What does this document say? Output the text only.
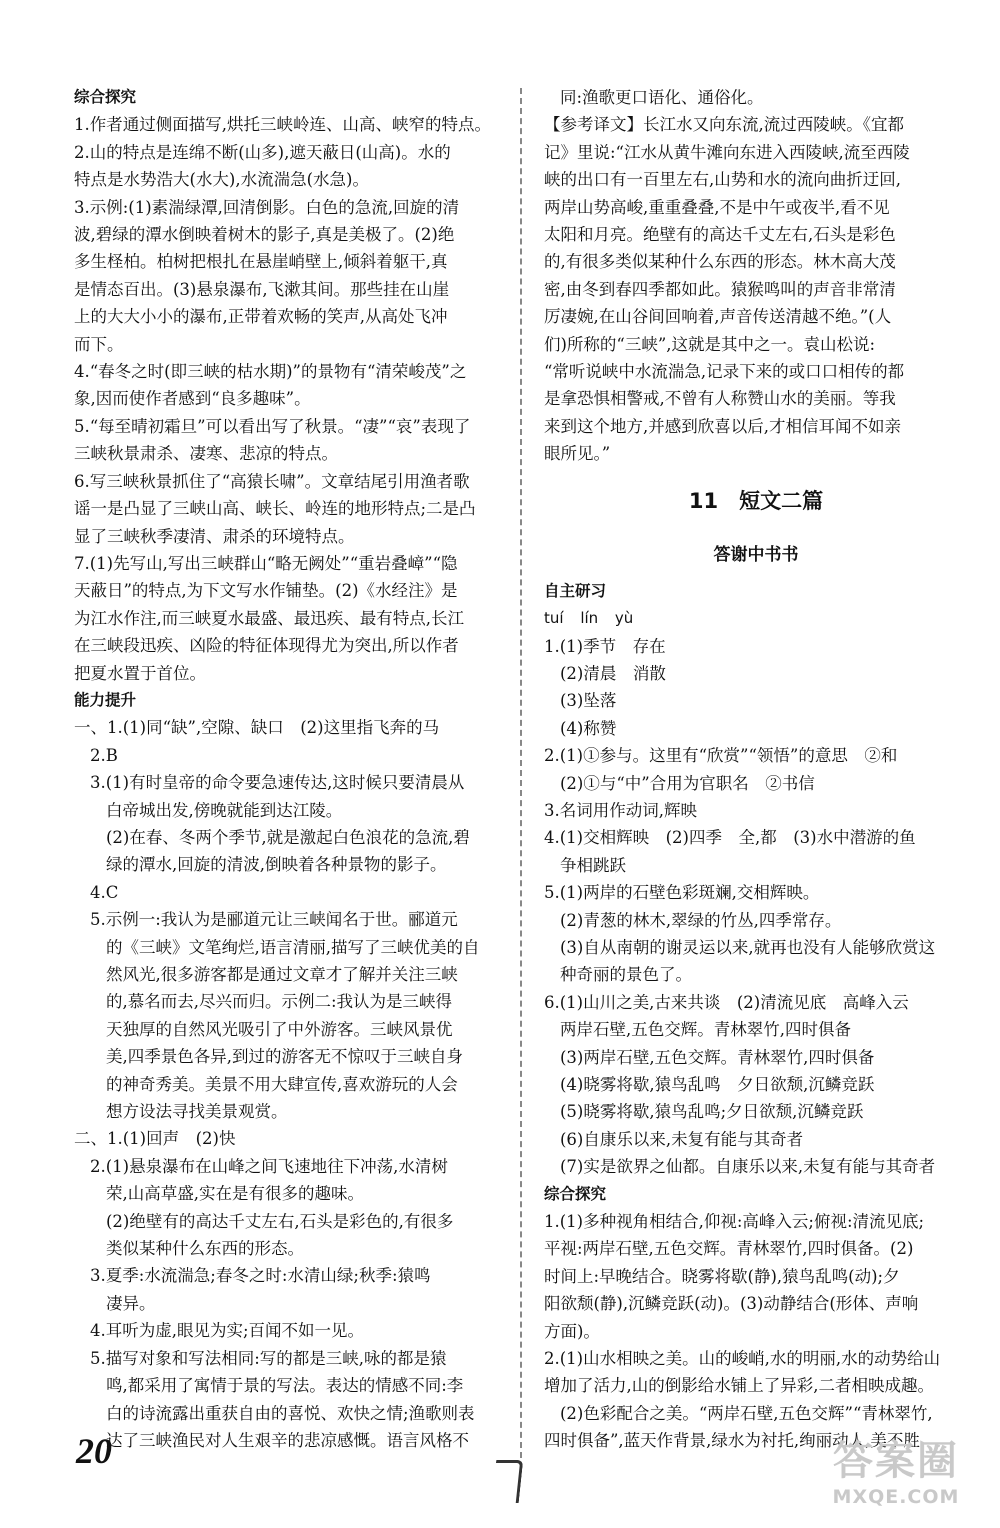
综合探究
1.作者通过侧面描写,烘托三峡岭连、山高、峡窄的特点。
2.山的特点是连绵不断(山多),遮天蔽日(山高)。水的
特点是水势浩大(水大),水流湍急(水急)。
3.示例:(1)素湍绿潭,回清倒影。白色的急流,回旋的清
波,碧绿的潭水倒映着树木的影子,真是美极了。(2)绝
多生柽柏。柏树把根扎在悬崖峭壁上,倾斜着躯干,真
是情态百出。(3)悬泉瀑布,飞漱其间。那些挂在山崖
上的大大小小的瀑布,正带着欢畅的笑声,从高处飞冲
而下。
4.“春冬之时(即三峡的枯水期)”的景物有“清荣峻茂”之
象,因而使作者感到“良多趣味”。
5.“每至晴初霜旦”可以看出写了秋景。“凄”“哀”表现了
三峡秋景肃杀、凄寒、悲凉的特点。
6.写三峡秋景抓住了“高猿长啸”。文章结尾引用渔者歌
谣一是凸显了三峡山高、峡长、岭连的地形特点;二是凸
显了三峡秋季凄清、肃杀的环境特点。
7.(1)先写山,写出三峡群山“略无阙处”“重岩叠嶂”“隐
天蔽日”的特点,为下文写水作铺垫。(2)《水经注》是
为江水作注,而三峡夏水最盛、最迅疾、最有特点,长江
在三峡段迅疾、凶险的特征体现得尤为突出,所以作者
把夏水置于首位。
能力提升
一、1.(1)同“缺”,空隙、缺口　(2)这里指飞奔的马
2.B
3.(1)有时皇帝的命令要急速传达,这时候只要清晨从
白帝城出发,傍晚就能到达江陵。
(2)在春、冬两个季节,就是激起白色浪花的急流,碧
绿的潭水,回旋的清波,倒映着各种景物的影子。
4.C
5.示例一:我认为是郦道元让三峡闻名于世。郦道元
的《三峡》文笔绚烂,语言清丽,描写了三峡优美的自
然风光,很多游客都是通过文章才了解并关注三峡
的,慕名而去,尽兴而归。示例二:我认为是三峡得
天独厚的自然风光吸引了中外游客。三峡风景优
美,四季景色各异,到过的游客无不惊叹于三峡自身
的神奇秀美。美景不用大肆宣传,喜欢游玩的人会
想方设法寻找美景观赏。
二、1.(1)回声　(2)快
2.(1)悬泉瀑布在山峰之间飞速地往下冲荡,水清树
荣,山高草盛,实在是有很多的趣味。
(2)绝壁有的高达千丈左右,石头是彩色的,有很多
类似某种什么东西的形态。
3.夏季:水流湍急;春冬之时:水清山绿;秋季:猿鸣
凄异。
4.耳听为虚,眼见为实;百闻不如一见。
5.描写对象和写法相同:写的都是三峡,咏的都是猿
鸣,都采用了寓情于景的写法。表达的情感不同:李
白的诗流露出重获自由的喜悦、欢快之情;渔歌则表
达了三峡渔民对人生艰辛的悲凉感慨。语言风格不
同:渔歌更口语化、通俗化。
【参考译文】长江水又向东流,流过西陵峡。《宜都
记》里说:“江水从黄牛滩向东进入西陵峡,流至西陵
峡的出口有一百里左右,山势和水的流向曲折迂回,
两岸山势高峻,重重叠叠,不是中午或夜半,看不见
太阳和月亮。绝壁有的高达千丈左右,石头是彩色
的,有很多类似某种什么东西的形态。林木高大茂
密,由冬到春四季都如此。猿猴鸣叫的声音非常清
厉凄婉,在山谷间回响着,声音传送清越不绝。”(人
们)所称的“三峡”,这就是其中之一。袁山松说:
“常听说峡中水流湍急,记录下来的或口口相传的都
是拿恐惧相警戒,不曾有人称赞山水的美丽。等我
来到这个地方,并感到欣喜以后,才相信耳闻不如亲
眼所见。”
11　短文二篇
答谢中书书
自主研习
tuí lín yù
1.(1)季节　存在
(2)清晨　消散
(3)坠落
(4)称赞
2.(1)①参与。这里有“欣赏”“领悟”的意思　②和
(2)①与“中”合用为官职名　②书信
3.名词用作动词,辉映
4.(1)交相辉映　(2)四季　全,都　(3)水中潜游的鱼
争相跳跃
5.(1)两岸的石壁色彩斑斓,交相辉映。
(2)青葱的林木,翠绿的竹丛,四季常存。
(3)自从南朝的谢灵运以来,就再也没有人能够欣赏这
种奇丽的景色了。
6.(1)山川之美,古来共谈　(2)清流见底　高峰入云
两岸石壁,五色交辉。青林翠竹,四时俱备
(3)两岸石壁,五色交辉。青林翠竹,四时俱备
(4)晓雾将歇,猿鸟乱鸣　夕日欲颓,沉鳞竞跃
(5)晓雾将歇,猿鸟乱鸣;夕日欲颓,沉鳞竞跃
(6)自康乐以来,未复有能与其奇者
(7)实是欲界之仙都。自康乐以来,未复有能与其奇者
综合探究
1.(1)多种视角相结合,仰视:高峰入云;俯视:清流见底;
平视:两岸石壁,五色交辉。青林翠竹,四时俱备。(2)
时间上:早晚结合。晓雾将歇(静),猿鸟乱鸣(动);夕
阳欲颓(静),沉鳞竞跃(动)。(3)动静结合(形体、声响
方面)。
2.(1)山水相映之美。山的峻峭,水的明丽,水的动势给山
增加了活力,山的倒影给水铺上了异彩,二者相映成趣。
(2)色彩配合之美。“两岸石壁,五色交辉”“青林翠竹,
四时俱备”,蓝天作背景,绿水为衬托,绚丽动人,美不胜
20	答案圈
MXQE.COM
